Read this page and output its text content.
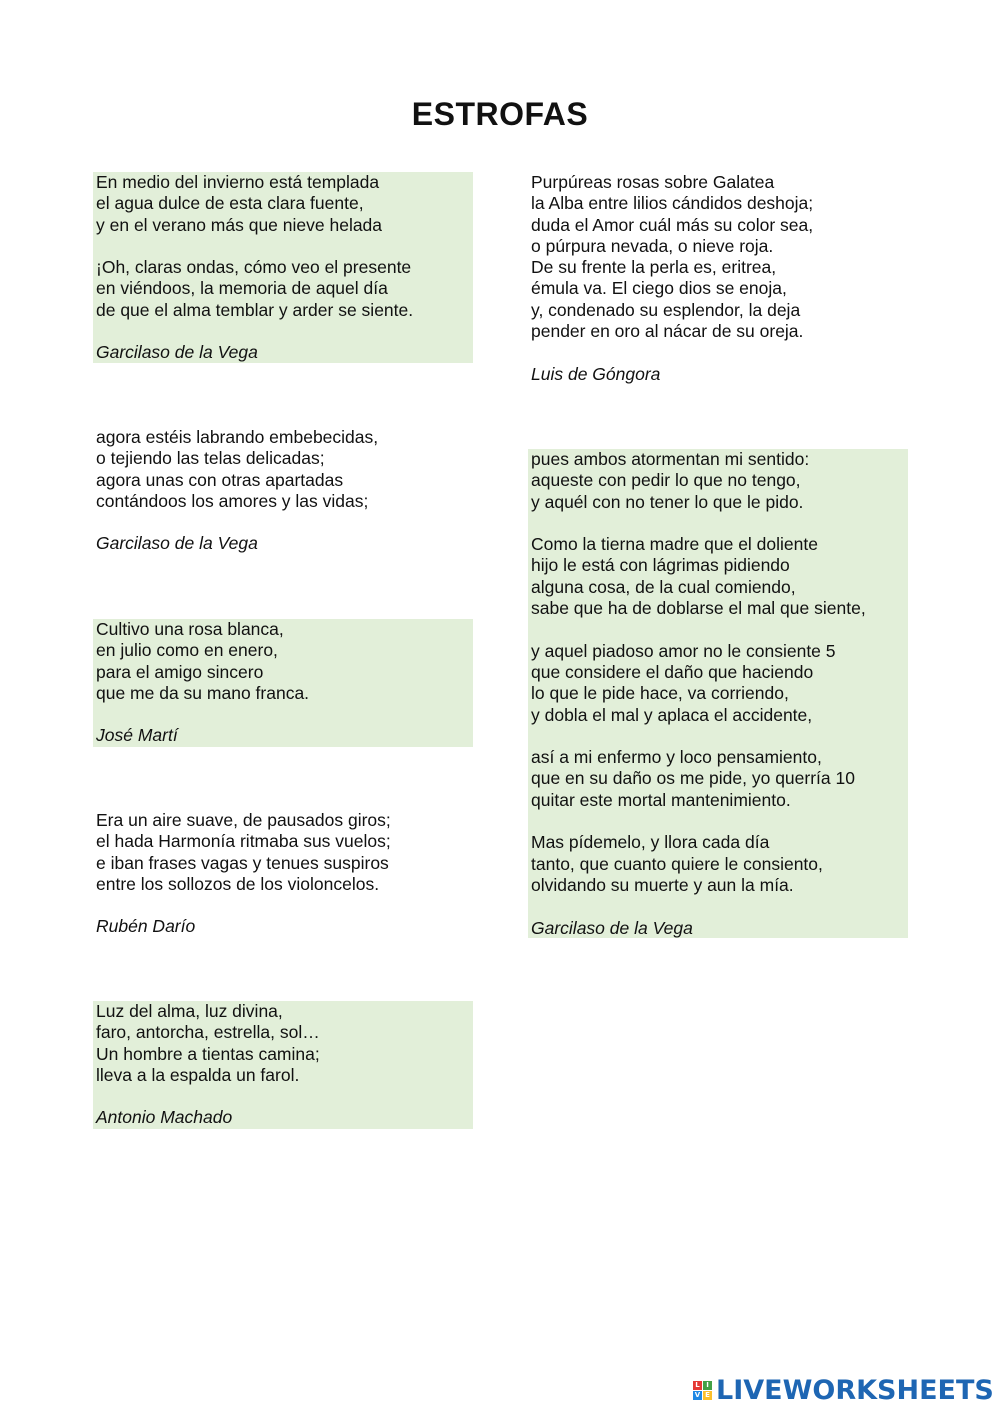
ESTROFAS
En medio del invierno está templada
el agua dulce de esta clara fuente,
y en el verano más que nieve helada
¡Oh, claras ondas, cómo veo el presente
en viéndoos, la memoria de aquel día
de que el alma temblar y arder se siente.
Garcilaso de la Vega
Purpúreas rosas sobre Galatea
la Alba entre lilios cándidos deshoja;
duda el Amor cuál más su color sea,
o púrpura nevada, o nieve roja.
De su frente la perla es, eritrea,
émula va. El ciego dios se enoja,
y, condenado su esplendor, la deja
pender en oro al nácar de su oreja.
Luis de Góngora
agora estéis labrando embebecidas,
o tejiendo las telas delicadas;
agora unas con otras apartadas
contándoos los amores y las vidas;
Garcilaso de la Vega
pues ambos atormentan mi sentido:
aqueste con pedir lo que no tengo,
y aquél con no tener lo que le pido.
Como la tierna madre que el doliente
hijo le está con lágrimas pidiendo
alguna cosa, de la cual comiendo,
sabe que ha de doblarse el mal que siente,
y aquel piadoso amor no le consiente 5
que considere el daño que haciendo
lo que le pide hace, va corriendo,
y dobla el mal y aplaca el accidente,
así a mi enfermo y loco pensamiento,
que en su daño os me pide, yo querría 10
quitar este mortal mantenimiento.
Mas pídemelo, y llora cada día
tanto, que cuanto quiere le consiento,
olvidando su muerte y aun la mía.
Garcilaso de la Vega
Cultivo una rosa blanca,
en julio como en enero,
para el amigo sincero
que me da su mano franca.
José Martí
Era un aire suave, de pausados giros;
el hada Harmonía ritmaba sus vuelos;
e iban frases vagas y tenues suspiros
entre los sollozos de los violoncelos.
Rubén Darío
Luz del alma, luz divina,
faro, antorcha, estrella, sol…
Un hombre a tientas camina;
lleva a la espalda un farol.
Antonio Machado
L I
V E LIVEWORKSHEETS
